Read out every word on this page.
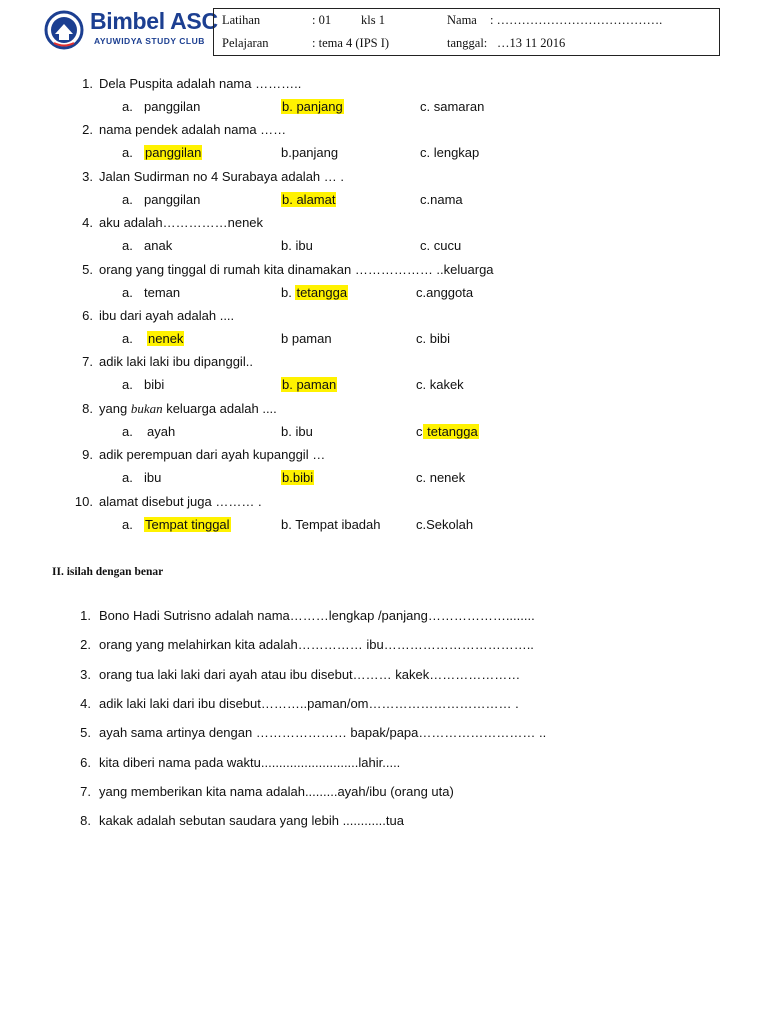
Bimbel ASC
AYUWIDYA STUDY CLUB
Latihan	: 01 kls 1	Nama : ………………………………….
Pelajaran	: tema 4 (IPS I)	tanggal: …13 11 2016
1. Dela Puspita adalah nama ………..
a. panggilan	b. panjang	c. samaran
2. nama pendek adalah nama ……
a. panggilan	b.panjang	c. lengkap
3. Jalan Sudirman no 4 Surabaya adalah … .
a. panggilan	b. alamat	c.nama
4. aku adalah……………nenek
a. anak	b. ibu	c. cucu
5. orang yang tinggal di rumah kita dinamakan ……………… ..keluarga
a. teman	b. tetangga	c.anggota
6. ibu dari ayah adalah ....
a. nenek	b paman	c. bibi
7. adik laki laki ibu dipanggil..
a. bibi	b. paman	c. kakek
8. yang bukan keluarga adalah ....
a. ayah	b. ibu	c tetangga
9. adik perempuan dari ayah kupanggil …
a. ibu	b.bibi	c. nenek
10. alamat disebut juga ……… .
a. Tempat tinggal	b. Tempat ibadah	c.Sekolah
II. isilah dengan benar
1. Bono Hadi Sutrisno adalah nama………lengkap /panjang………………........
2. orang yang melahirkan kita adalah…………… ibu……………………………..
3. orang tua laki laki dari ayah atau ibu disebut……… kakek…………………
4. adik laki laki dari ibu disebut………..paman/om…………………………… .
5. ayah sama artinya dengan ………………… bapak/papa……………………… ..
6. kita diberi nama pada waktu...........................lahir.....
7. yang memberikan kita nama adalah.........ayah/ibu (orang uta)
8. kakak adalah sebutan saudara yang lebih ............tua
